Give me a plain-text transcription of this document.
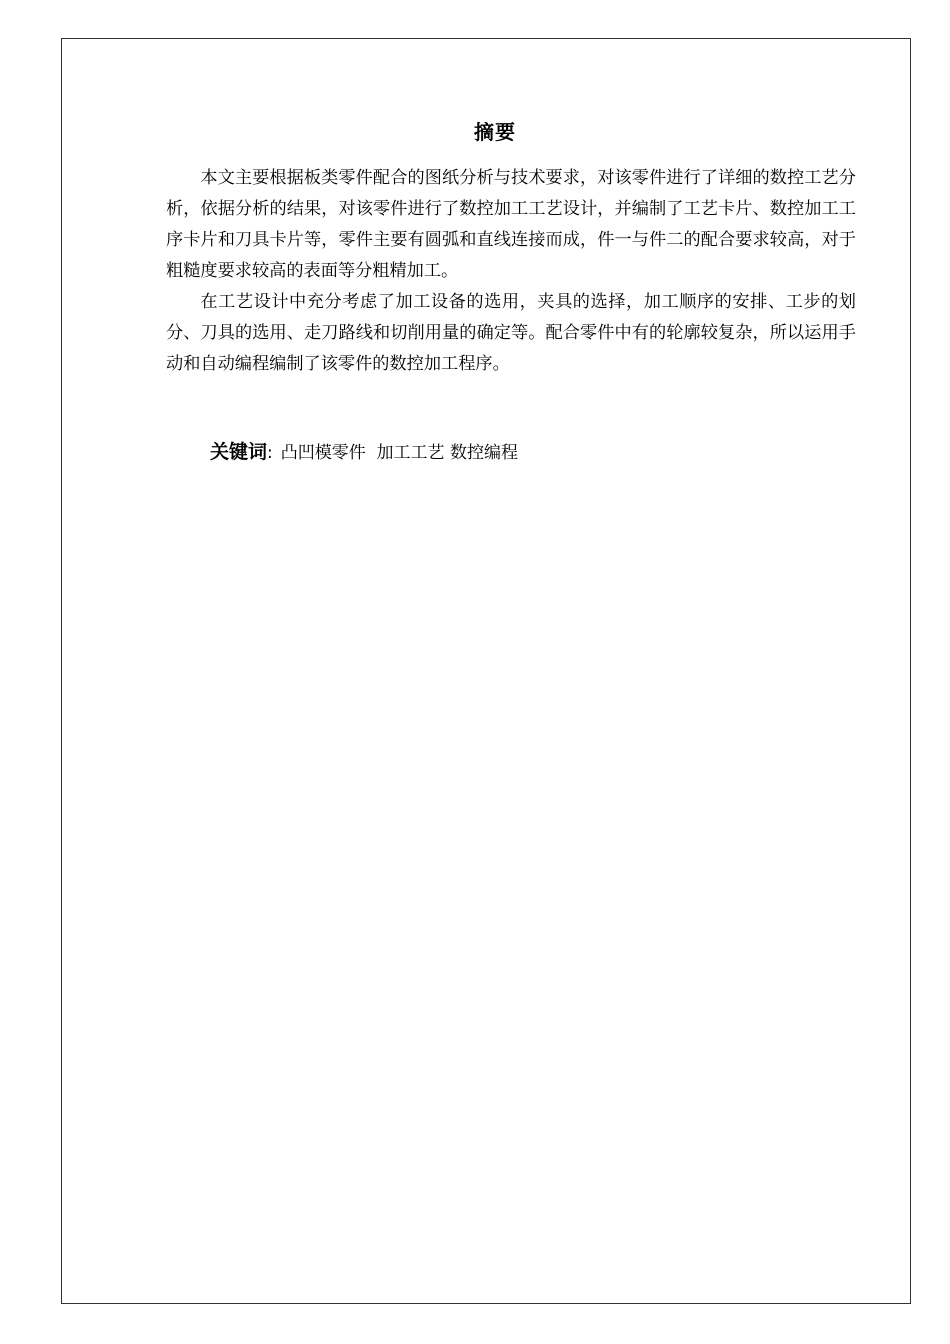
摘要

本文主要根据板类零件配合的图纸分析与技术要求，对该零件进行了详细的数控工艺分析，依据分析的结果，对该零件进行了数控加工工艺设计，并编制了工艺卡片、数控加工工序卡片和刀具卡片等，零件主要有圆弧和直线连接而成，件一与件二的配合要求较高，对于粗糙度要求较高的表面等分粗精加工。

在工艺设计中充分考虑了加工设备的选用，夹具的选择，加工顺序的安排、工步的划分、刀具的选用、走刀路线和切削用量的确定等。配合零件中有的轮廓较复杂，所以运用手动和自动编程编制了该零件的数控加工程序。

关键词: 凸凹模零件  加工工艺 数控编程
